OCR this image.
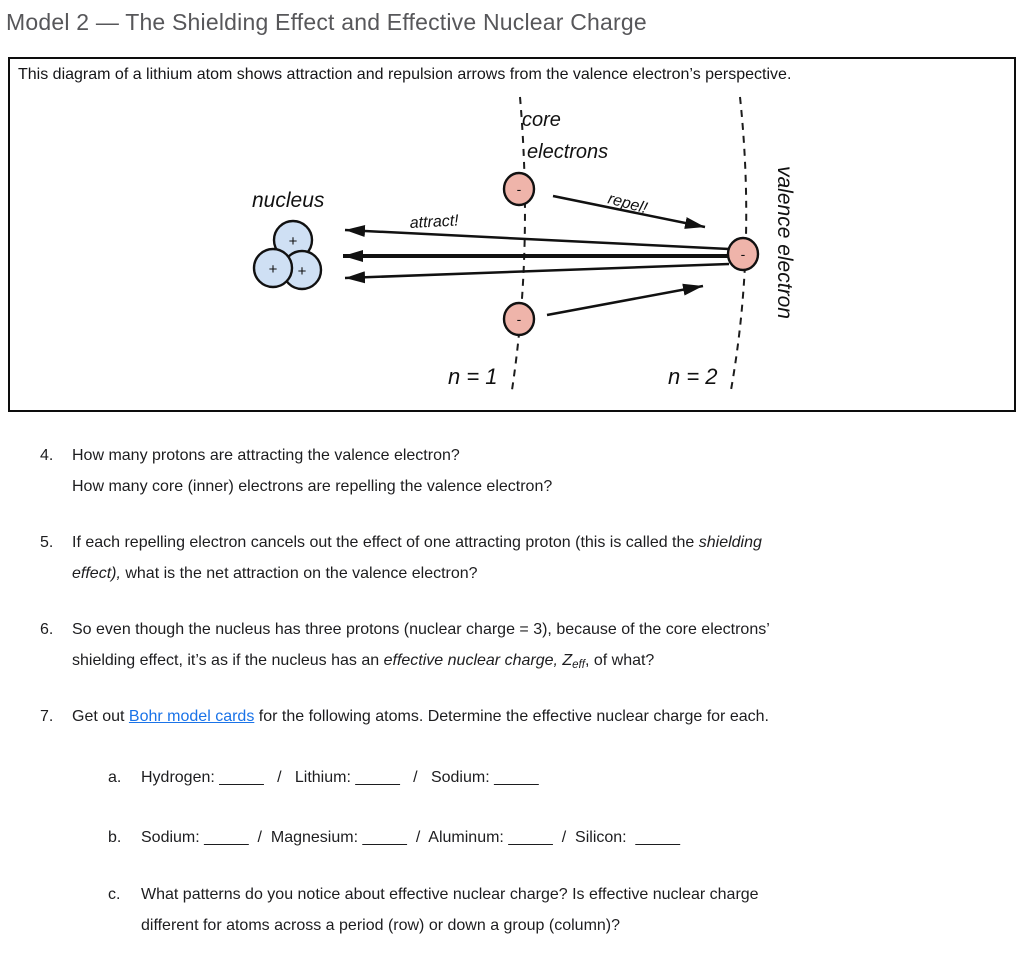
Model 2 — The Shielding Effect and Effective Nuclear Charge
This diagram of a lithium atom shows attraction and repulsion arrows from the valence electron’s perspective.
+
+ +
-
-
-
nucleus
core
electrons
attract!
repel!	valence electron
n = 1	n = 2
4.	How many protons are attracting the valence electron?
How many core (inner) electrons are repelling the valence electron?
5.	If each repelling electron cancels out the effect of one attracting proton (this is called the shielding
effect), what is the net attraction on the valence electron?
6.	So even though the nucleus has three protons (nuclear charge = 3), because of the core electrons’
shielding effect, it’s as if the nucleus has an effective nuclear charge, Zeff, of what?
7.	Get out Bohr model cards for the following atoms. Determine the effective nuclear charge for each.
a.	Hydrogen: _____   /   Lithium: _____   /   Sodium: _____
b.	Sodium: _____  /  Magnesium: _____  /  Aluminum: _____  /  Silicon:  _____
c.	What patterns do you notice about effective nuclear charge? Is effective nuclear charge
different for atoms across a period (row) or down a group (column)?
